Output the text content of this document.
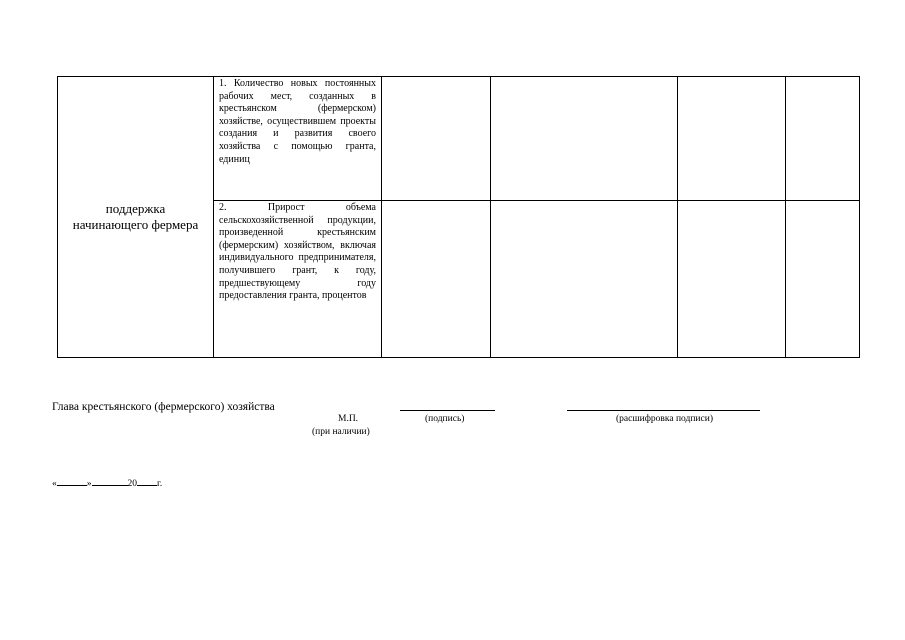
поддержка начинающего фермера	1. Количество новых постоянных рабочих мест, созданных в крестьянском (фермерском) хозяйстве, осуществившем проекты создания и развития своего хозяйства с помощью гранта, единиц				

	2. Прирост объема сельскохозяйственной продукции, произведенной крестьянским (фермерским) хозяйством, включая индивидуального предпринимателя, получившего грант, к году, предшествующему году предоставления гранта, процентов				

Глава крестьянского (фермерского) хозяйства
М.П.	(подпись)	(расшифровка подписи)
(при наличии)
«	»	20 г.
